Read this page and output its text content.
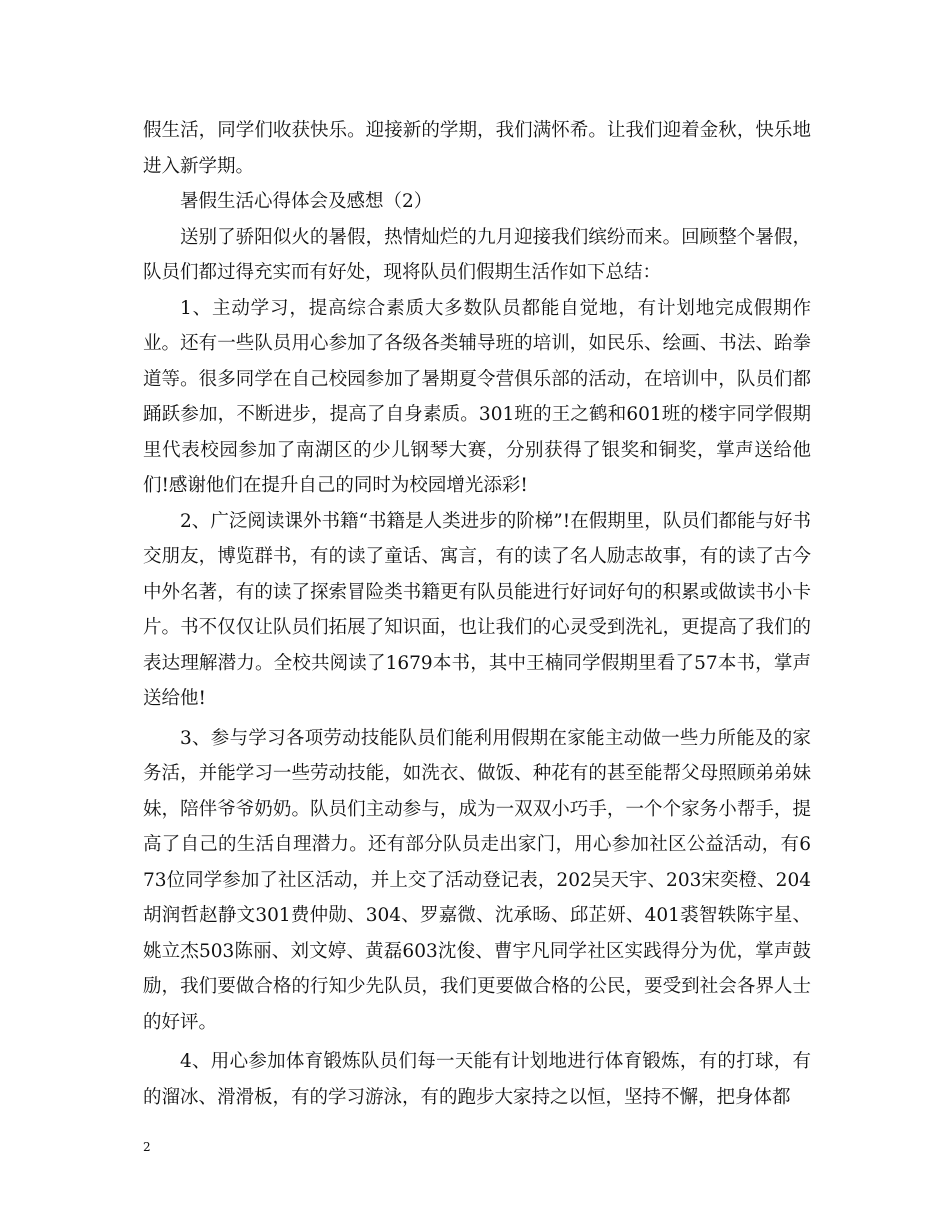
假生活，同学们收获快乐。迎接新的学期，我们满怀希。让我们迎着金秋，快乐地进入新学期。

暑假生活心得体会及感想（2）

送别了骄阳似火的暑假，热情灿烂的九月迎接我们缤纷而来。回顾整个暑假，队员们都过得充实而有好处，现将队员们假期生活作如下总结：

1、主动学习，提高综合素质大多数队员都能自觉地，有计划地完成假期作业。还有一些队员用心参加了各级各类辅导班的培训，如民乐、绘画、书法、跆拳道等。很多同学在自己校园参加了暑期夏令营俱乐部的活动，在培训中，队员们都踊跃参加，不断进步，提高了自身素质。301班的王之鹤和601班的楼宇同学假期里代表校园参加了南湖区的少儿钢琴大赛，分别获得了银奖和铜奖，掌声送给他们!感谢他们在提升自己的同时为校园增光添彩!

2、广泛阅读课外书籍“书籍是人类进步的阶梯”!在假期里，队员们都能与好书交朋友，博览群书，有的读了童话、寓言，有的读了名人励志故事，有的读了古今中外名著，有的读了探索冒险类书籍更有队员能进行好词好句的积累或做读书小卡片。书不仅仅让队员们拓展了知识面，也让我们的心灵受到洗礼，更提高了我们的表达理解潜力。全校共阅读了1679本书，其中王楠同学假期里看了57本书，掌声送给他!

3、参与学习各项劳动技能队员们能利用假期在家能主动做一些力所能及的家务活，并能学习一些劳动技能，如洗衣、做饭、种花有的甚至能帮父母照顾弟弟妹妹，陪伴爷爷奶奶。队员们主动参与，成为一双双小巧手，一个个家务小帮手，提高了自己的生活自理潜力。还有部分队员走出家门，用心参加社区公益活动，有673位同学参加了社区活动，并上交了活动登记表，202吴天宇、203宋奕橙、204胡润哲赵静文301费仲勋、304、罗嘉微、沈承旸、邱芷妍、401裘智轶陈宇星、姚立杰503陈丽、刘文婷、黄磊603沈俊、曹宇凡同学社区实践得分为优，掌声鼓励，我们要做合格的行知少先队员，我们更要做合格的公民，要受到社会各界人士的好评。

4、用心参加体育锻炼队员们每一天能有计划地进行体育锻炼，有的打球，有的溜冰、滑滑板，有的学习游泳，有的跑步大家持之以恒，坚持不懈，把身体都

2
